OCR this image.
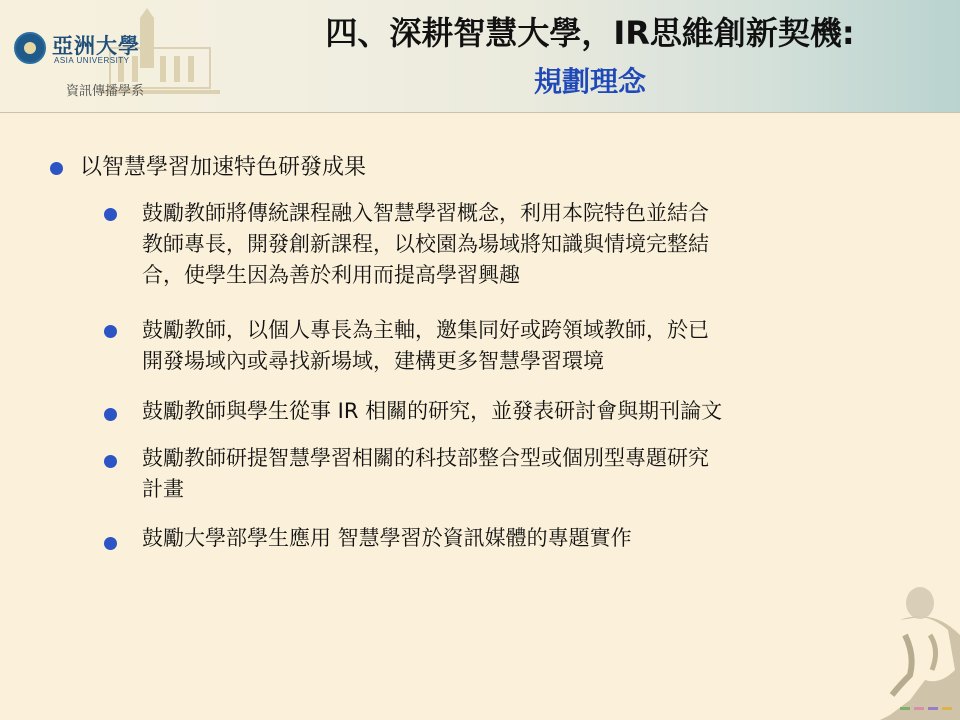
亞洲大學
ASIA UNIVERSITY
資訊傳播學系
四、深耕智慧大學，IR思維創新契機:
規劃理念
以智慧學習加速特色研發成果
鼓勵教師將傳統課程融入智慧學習概念，利用本院特色並結合
教師專長，開發創新課程，以校園為場域將知識與情境完整結
合，使學生因為善於利用而提高學習興趣
鼓勵教師，以個人專長為主軸，邀集同好或跨領域教師，於已
開發場域內或尋找新場域，建構更多智慧學習環境
鼓勵教師與學生從事 IR 相關的研究，並發表研討會與期刊論文
鼓勵教師研提智慧學習相關的科技部整合型或個別型專題研究
計畫
鼓勵大學部學生應用 智慧學習於資訊媒體的專題實作
